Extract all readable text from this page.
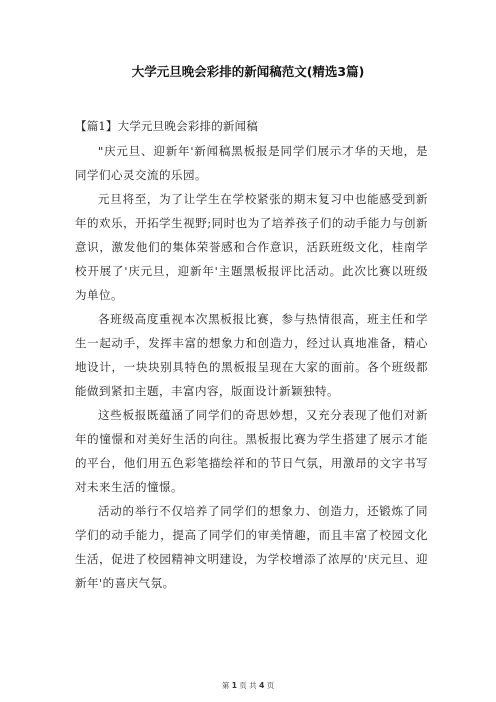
大学元旦晚会彩排的新闻稿范文(精选3篇)
【篇1】大学元旦晚会彩排的新闻稿

"庆元旦、迎新年'新闻稿黑板报是同学们展示才华的天地，是同学们心灵交流的乐园。

元旦将至，为了让学生在学校紧张的期末复习中也能感受到新年的欢乐，开拓学生视野;同时也为了培养孩子们的动手能力与创新意识，激发他们的集体荣誉感和合作意识，活跃班级文化，桂南学校开展了'庆元旦，迎新年'主题黑板报评比活动。此次比赛以班级为单位。

各班级高度重视本次黑板报比赛，参与热情很高，班主任和学生一起动手，发挥丰富的想象力和创造力，经过认真地准备，精心地设计，一块块别具特色的黑板报呈现在大家的面前。各个班级都能做到紧扣主题，丰富内容，版面设计新颖独特。

这些板报既蕴涵了同学们的奇思妙想，又充分表现了他们对新年的憧憬和对美好生活的向往。黑板报比赛为学生搭建了展示才能的平台，他们用五色彩笔描绘祥和的节日气氛，用激昂的文字书写对未来生活的憧憬。

活动的举行不仅培养了同学们的想象力、创造力，还锻炼了同学们的动手能力，提高了同学们的审美情趣，而且丰富了校园文化生活，促进了校园精神文明建设，为学校增添了浓厚的'庆元旦、迎新年'的喜庆气氛。

第 1 页 共 4 页
